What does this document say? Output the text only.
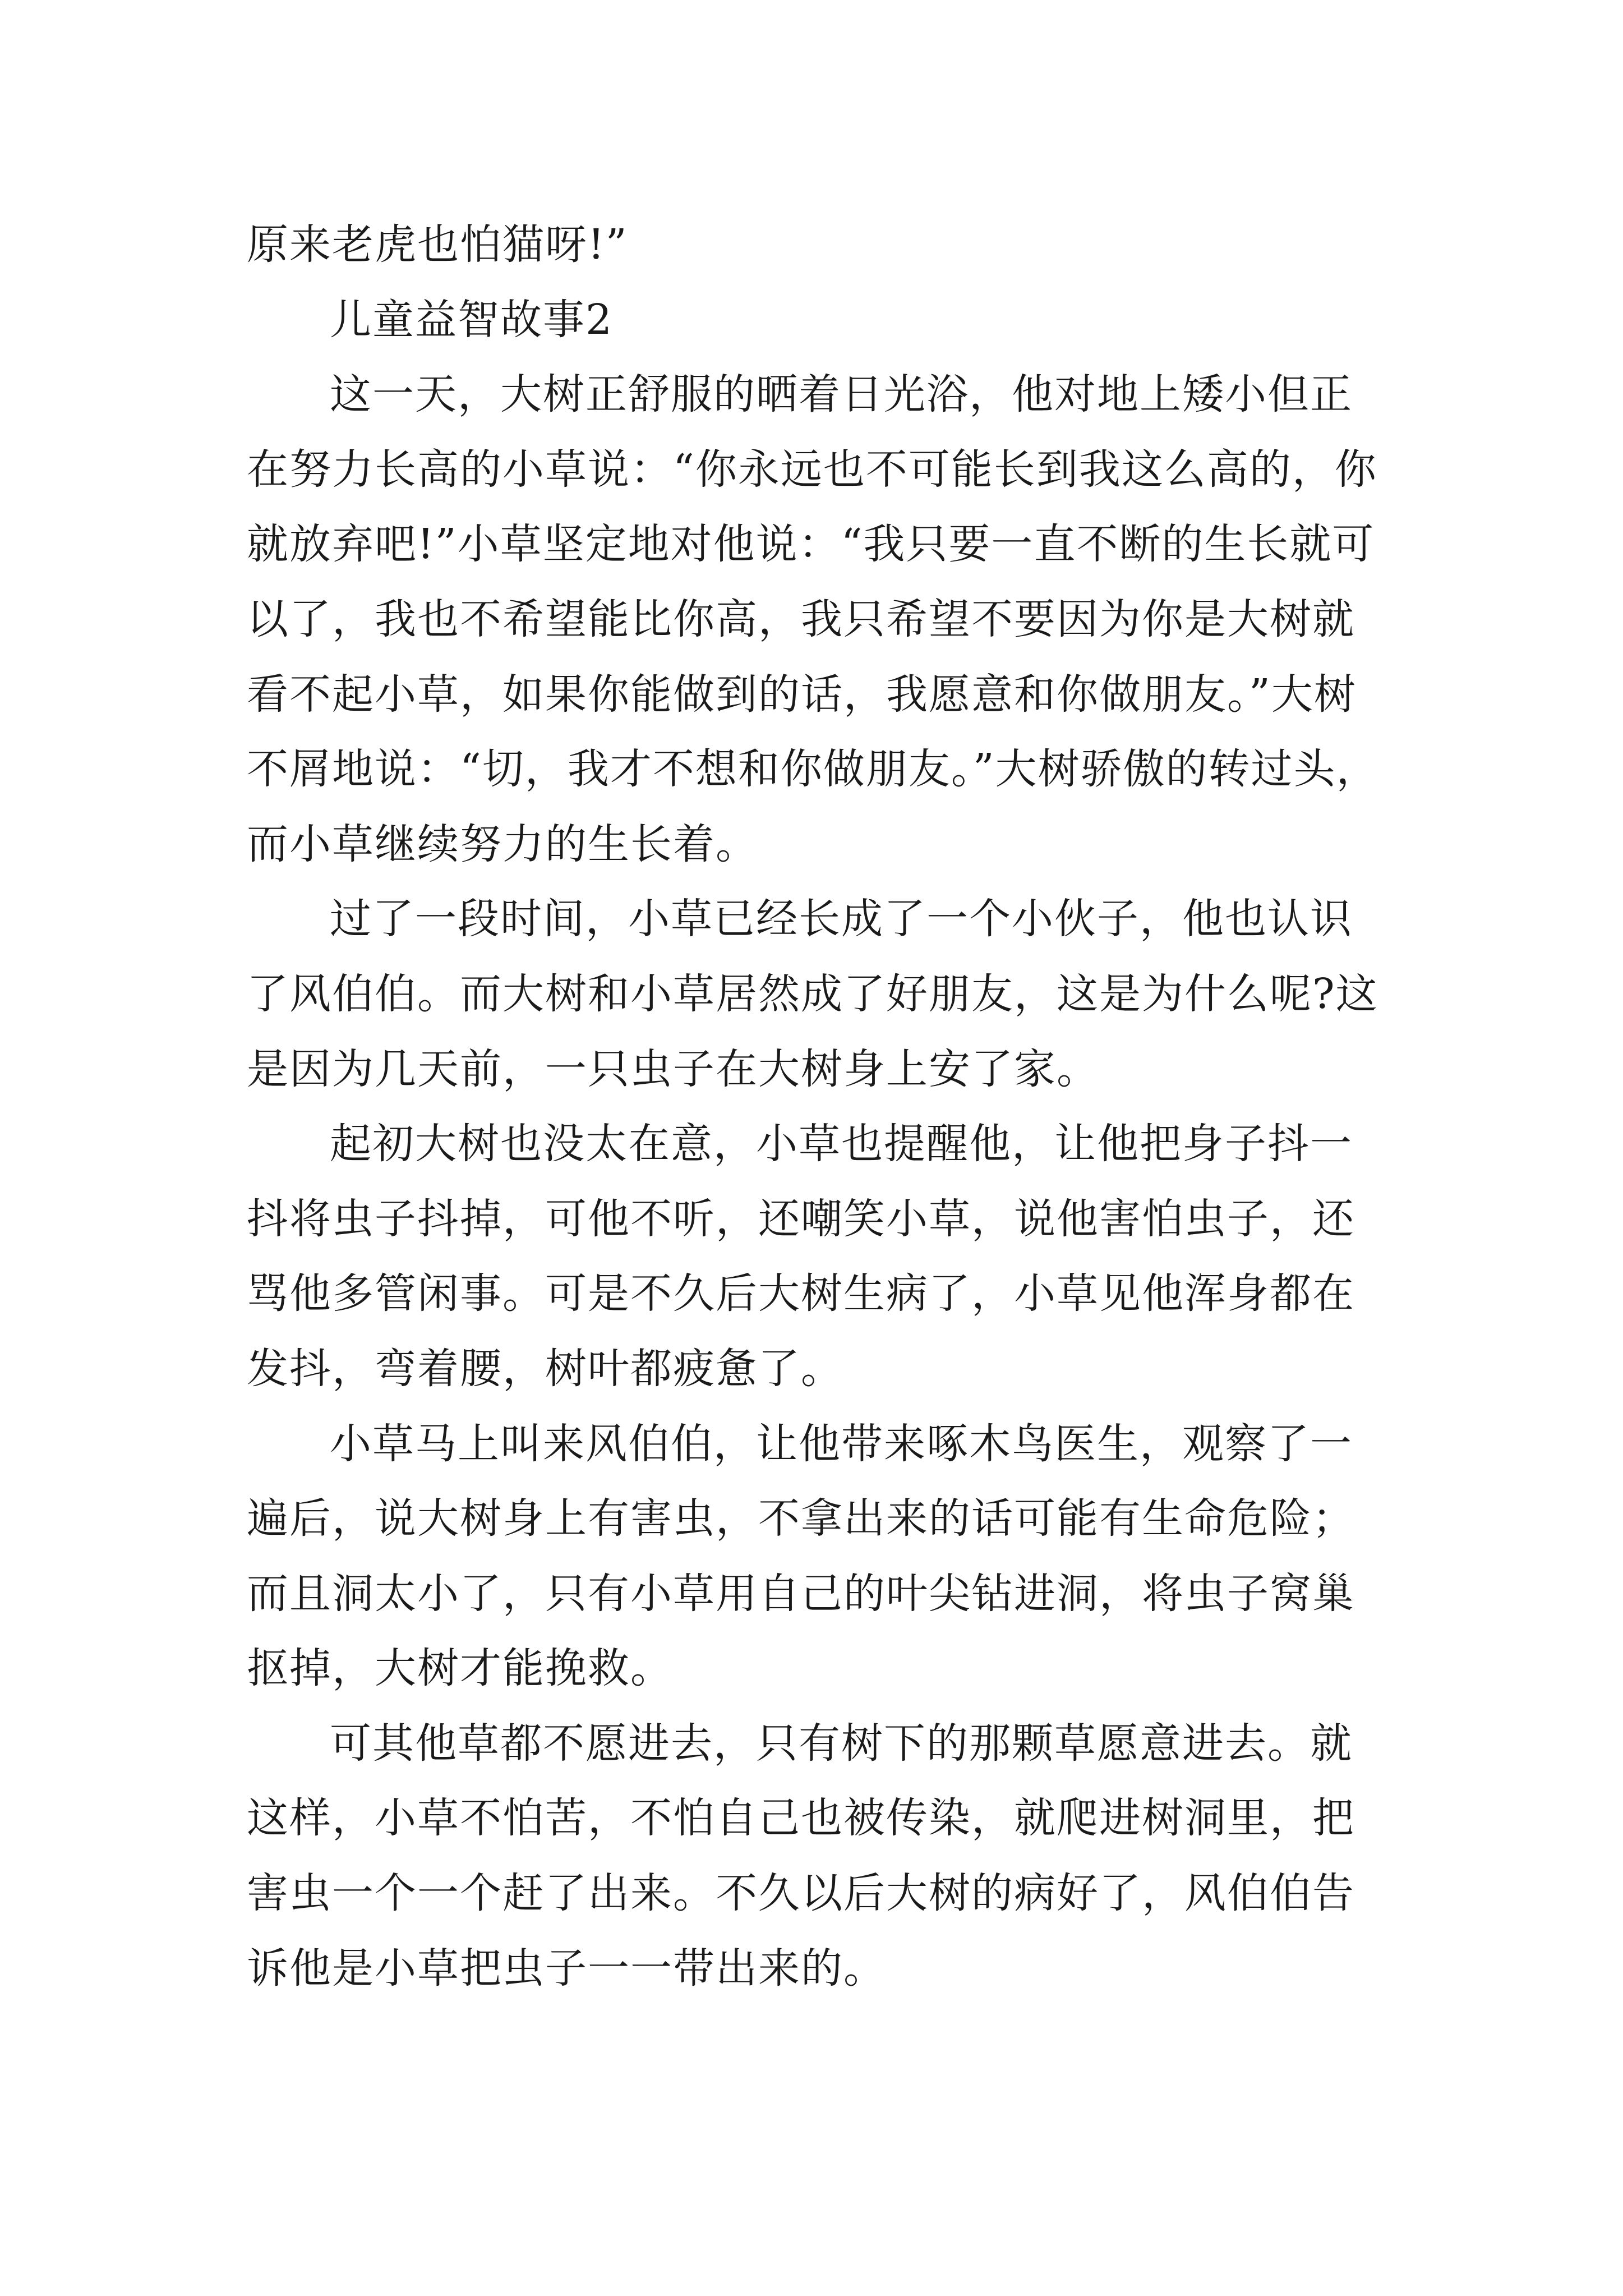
原来老虎也怕猫呀!”

儿童益智故事2

这一天，大树正舒服的晒着日光浴，他对地上矮小但正在努力长高的小草说：“你永远也不可能长到我这么高的，你就放弃吧!”小草坚定地对他说：“我只要一直不断的生长就可以了，我也不希望能比你高，我只希望不要因为你是大树就看不起小草，如果你能做到的话，我愿意和你做朋友。”大树不屑地说：“切，我才不想和你做朋友。”大树骄傲的转过头，而小草继续努力的生长着。

过了一段时间，小草已经长成了一个小伙子，他也认识了风伯伯。而大树和小草居然成了好朋友，这是为什么呢?这是因为几天前，一只虫子在大树身上安了家。

起初大树也没太在意，小草也提醒他，让他把身子抖一抖将虫子抖掉，可他不听，还嘲笑小草，说他害怕虫子，还骂他多管闲事。可是不久后大树生病了，小草见他浑身都在发抖，弯着腰，树叶都疲惫了。

小草马上叫来风伯伯，让他带来啄木鸟医生，观察了一遍后，说大树身上有害虫，不拿出来的话可能有生命危险；而且洞太小了，只有小草用自己的叶尖钻进洞，将虫子窝巢抠掉，大树才能挽救。

可其他草都不愿进去，只有树下的那颗草愿意进去。就这样，小草不怕苦，不怕自己也被传染，就爬进树洞里，把害虫一个一个赶了出来。不久以后大树的病好了，风伯伯告诉他是小草把虫子一一带出来的。
